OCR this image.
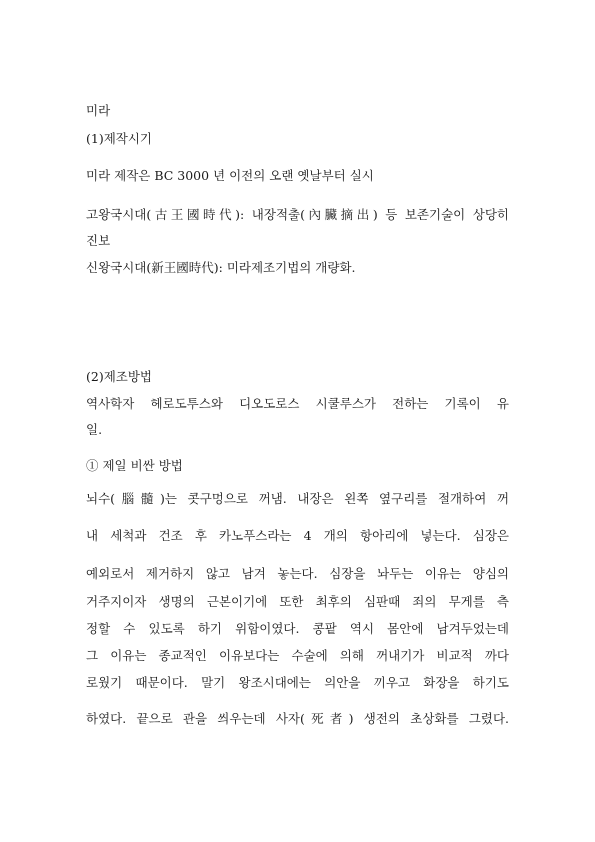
미라
(1)제작시기
미라 제작은 BC 3000 년 이전의 오랜 옛날부터 실시
고왕국시대(古王國時代): 내장적출(內臟摘出) 등 보존기술이 상당히
진보
신왕국시대(新王國時代): 미라제조기법의 개량화.
(2)제조방법
역사학자 헤로도투스와 디오도로스 시쿨루스가 전하는 기록이 유
일.
① 제일 비싼 방법
뇌수(腦髓)는 콧구멍으로 꺼냄. 내장은 왼쪽 옆구리를 절개하여 꺼
내 세척과 건조 후 카노푸스라는 4 개의 항아리에 넣는다. 심장은
예외로서 제거하지 않고 남겨 놓는다. 심장을 놔두는 이유는 양심의
거주지이자 생명의 근본이기에 또한 최후의 심판때 죄의 무게를 측
정할 수 있도록 하기 위함이였다. 콩팥 역시 몸안에 남겨두었는데
그 이유는 종교적인 이유보다는 수술에 의해 꺼내기가 비교적 까다
로웠기 때문이다. 말기 왕조시대에는 의안을 끼우고 화장을 하기도
하였다. 끝으로 관을 씌우는데 사자(死者) 생전의 초상화를 그렸다.
